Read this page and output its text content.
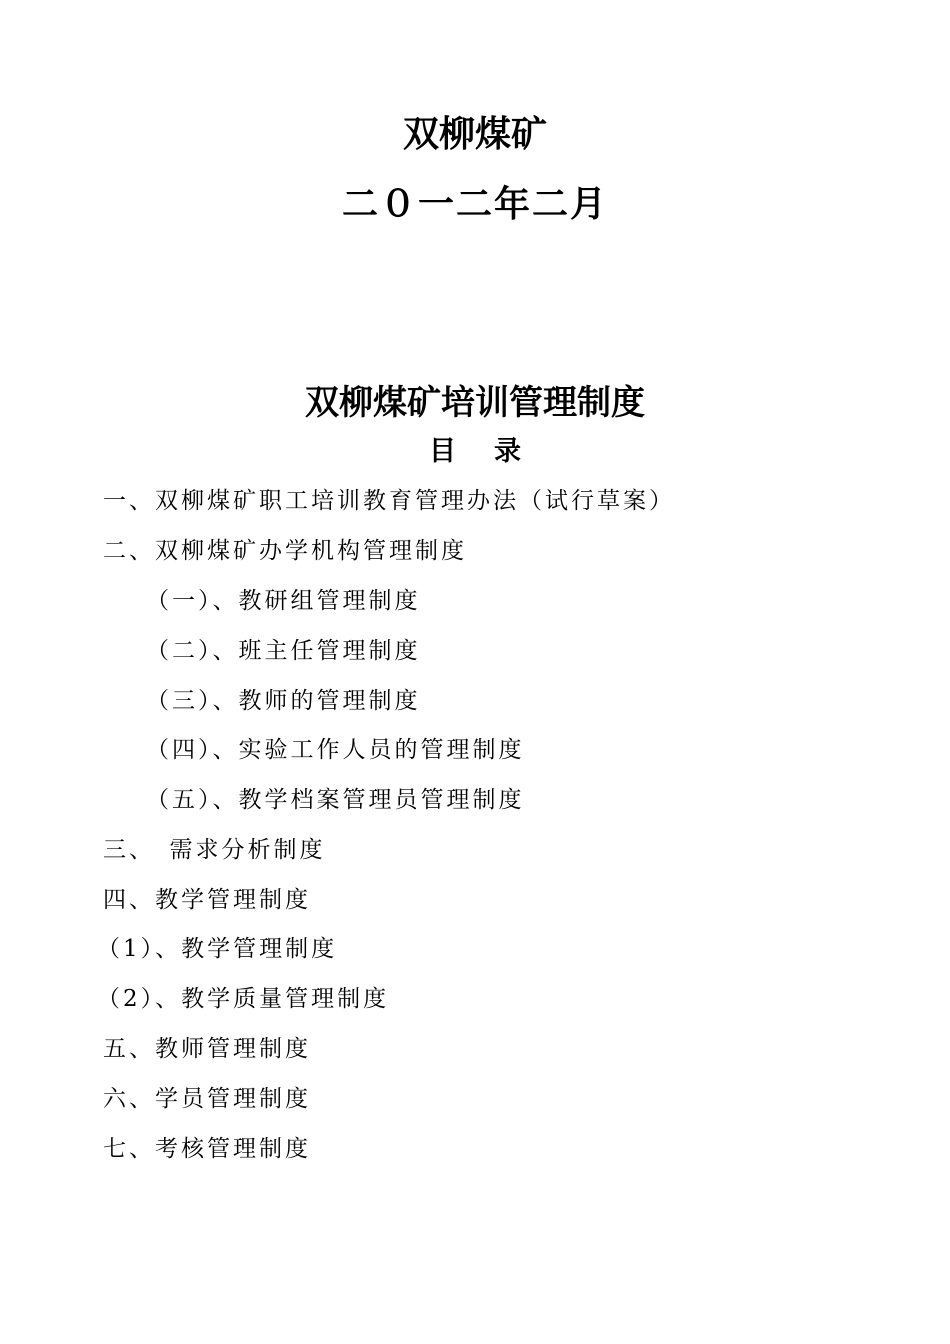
双柳煤矿
二０一二年二月
双柳煤矿培训管理制度
目 录
一、双柳煤矿职工培训教育管理办法（试行草案）
二、双柳煤矿办学机构管理制度
（一）、教研组管理制度
（二）、班主任管理制度
（三）、教师的管理制度
（四）、实验工作人员的管理制度
（五）、教学档案管理员管理制度
三、　需求分析制度
四、教学管理制度
（1）、教学管理制度
（2）、教学质量管理制度
五、教师管理制度
六、学员管理制度
七、考核管理制度
